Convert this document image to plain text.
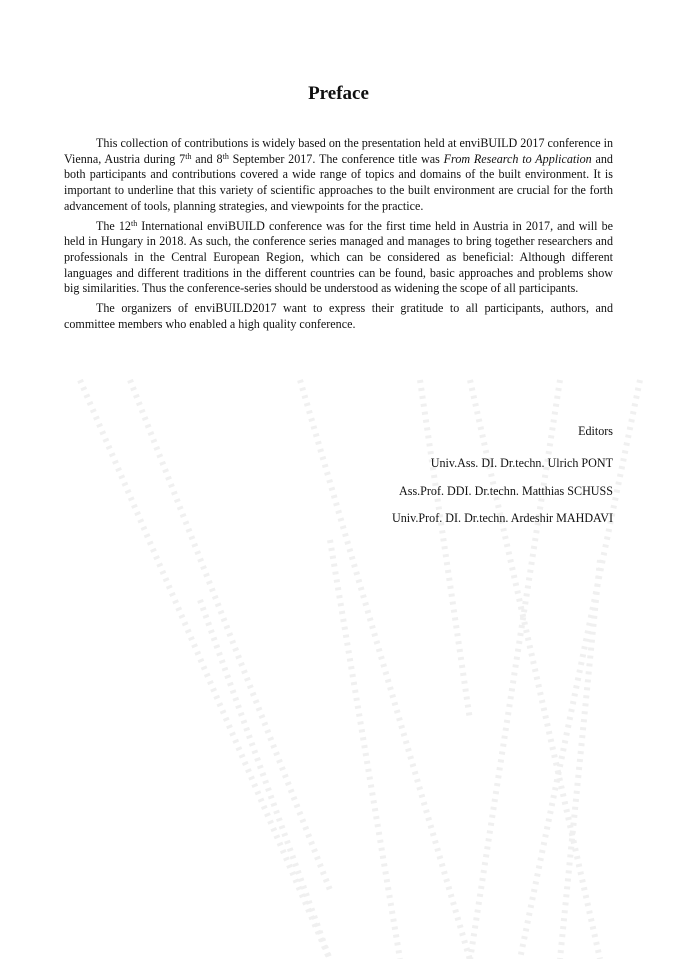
Preface

This collection of contributions is widely based on the presentation held at enviBUILD 2017 conference in Vienna, Austria during 7th and 8th September 2017. The conference title was From Research to Application and both participants and contributions covered a wide range of topics and domains of the built environment. It is important to underline that this variety of scientific approaches to the built environment are crucial for the forth advancement of tools, planning strategies, and viewpoints for the practice.

The 12th International enviBUILD conference was for the first time held in Austria in 2017, and will be held in Hungary in 2018. As such, the conference series managed and manages to bring together researchers and professionals in the Central European Region, which can be considered as beneficial: Although different languages and different traditions in the different countries can be found, basic approaches and problems show big similarities. Thus the conference-series should be understood as widening the scope of all participants.

The organizers of enviBUILD2017 want to express their gratitude to all participants, authors, and committee members who enabled a high quality conference.

Editors
Univ.Ass. DI. Dr.techn. Ulrich PONT
Ass.Prof. DDI. Dr.techn. Matthias SCHUSS
Univ.Prof. DI. Dr.techn. Ardeshir MAHDAVI
